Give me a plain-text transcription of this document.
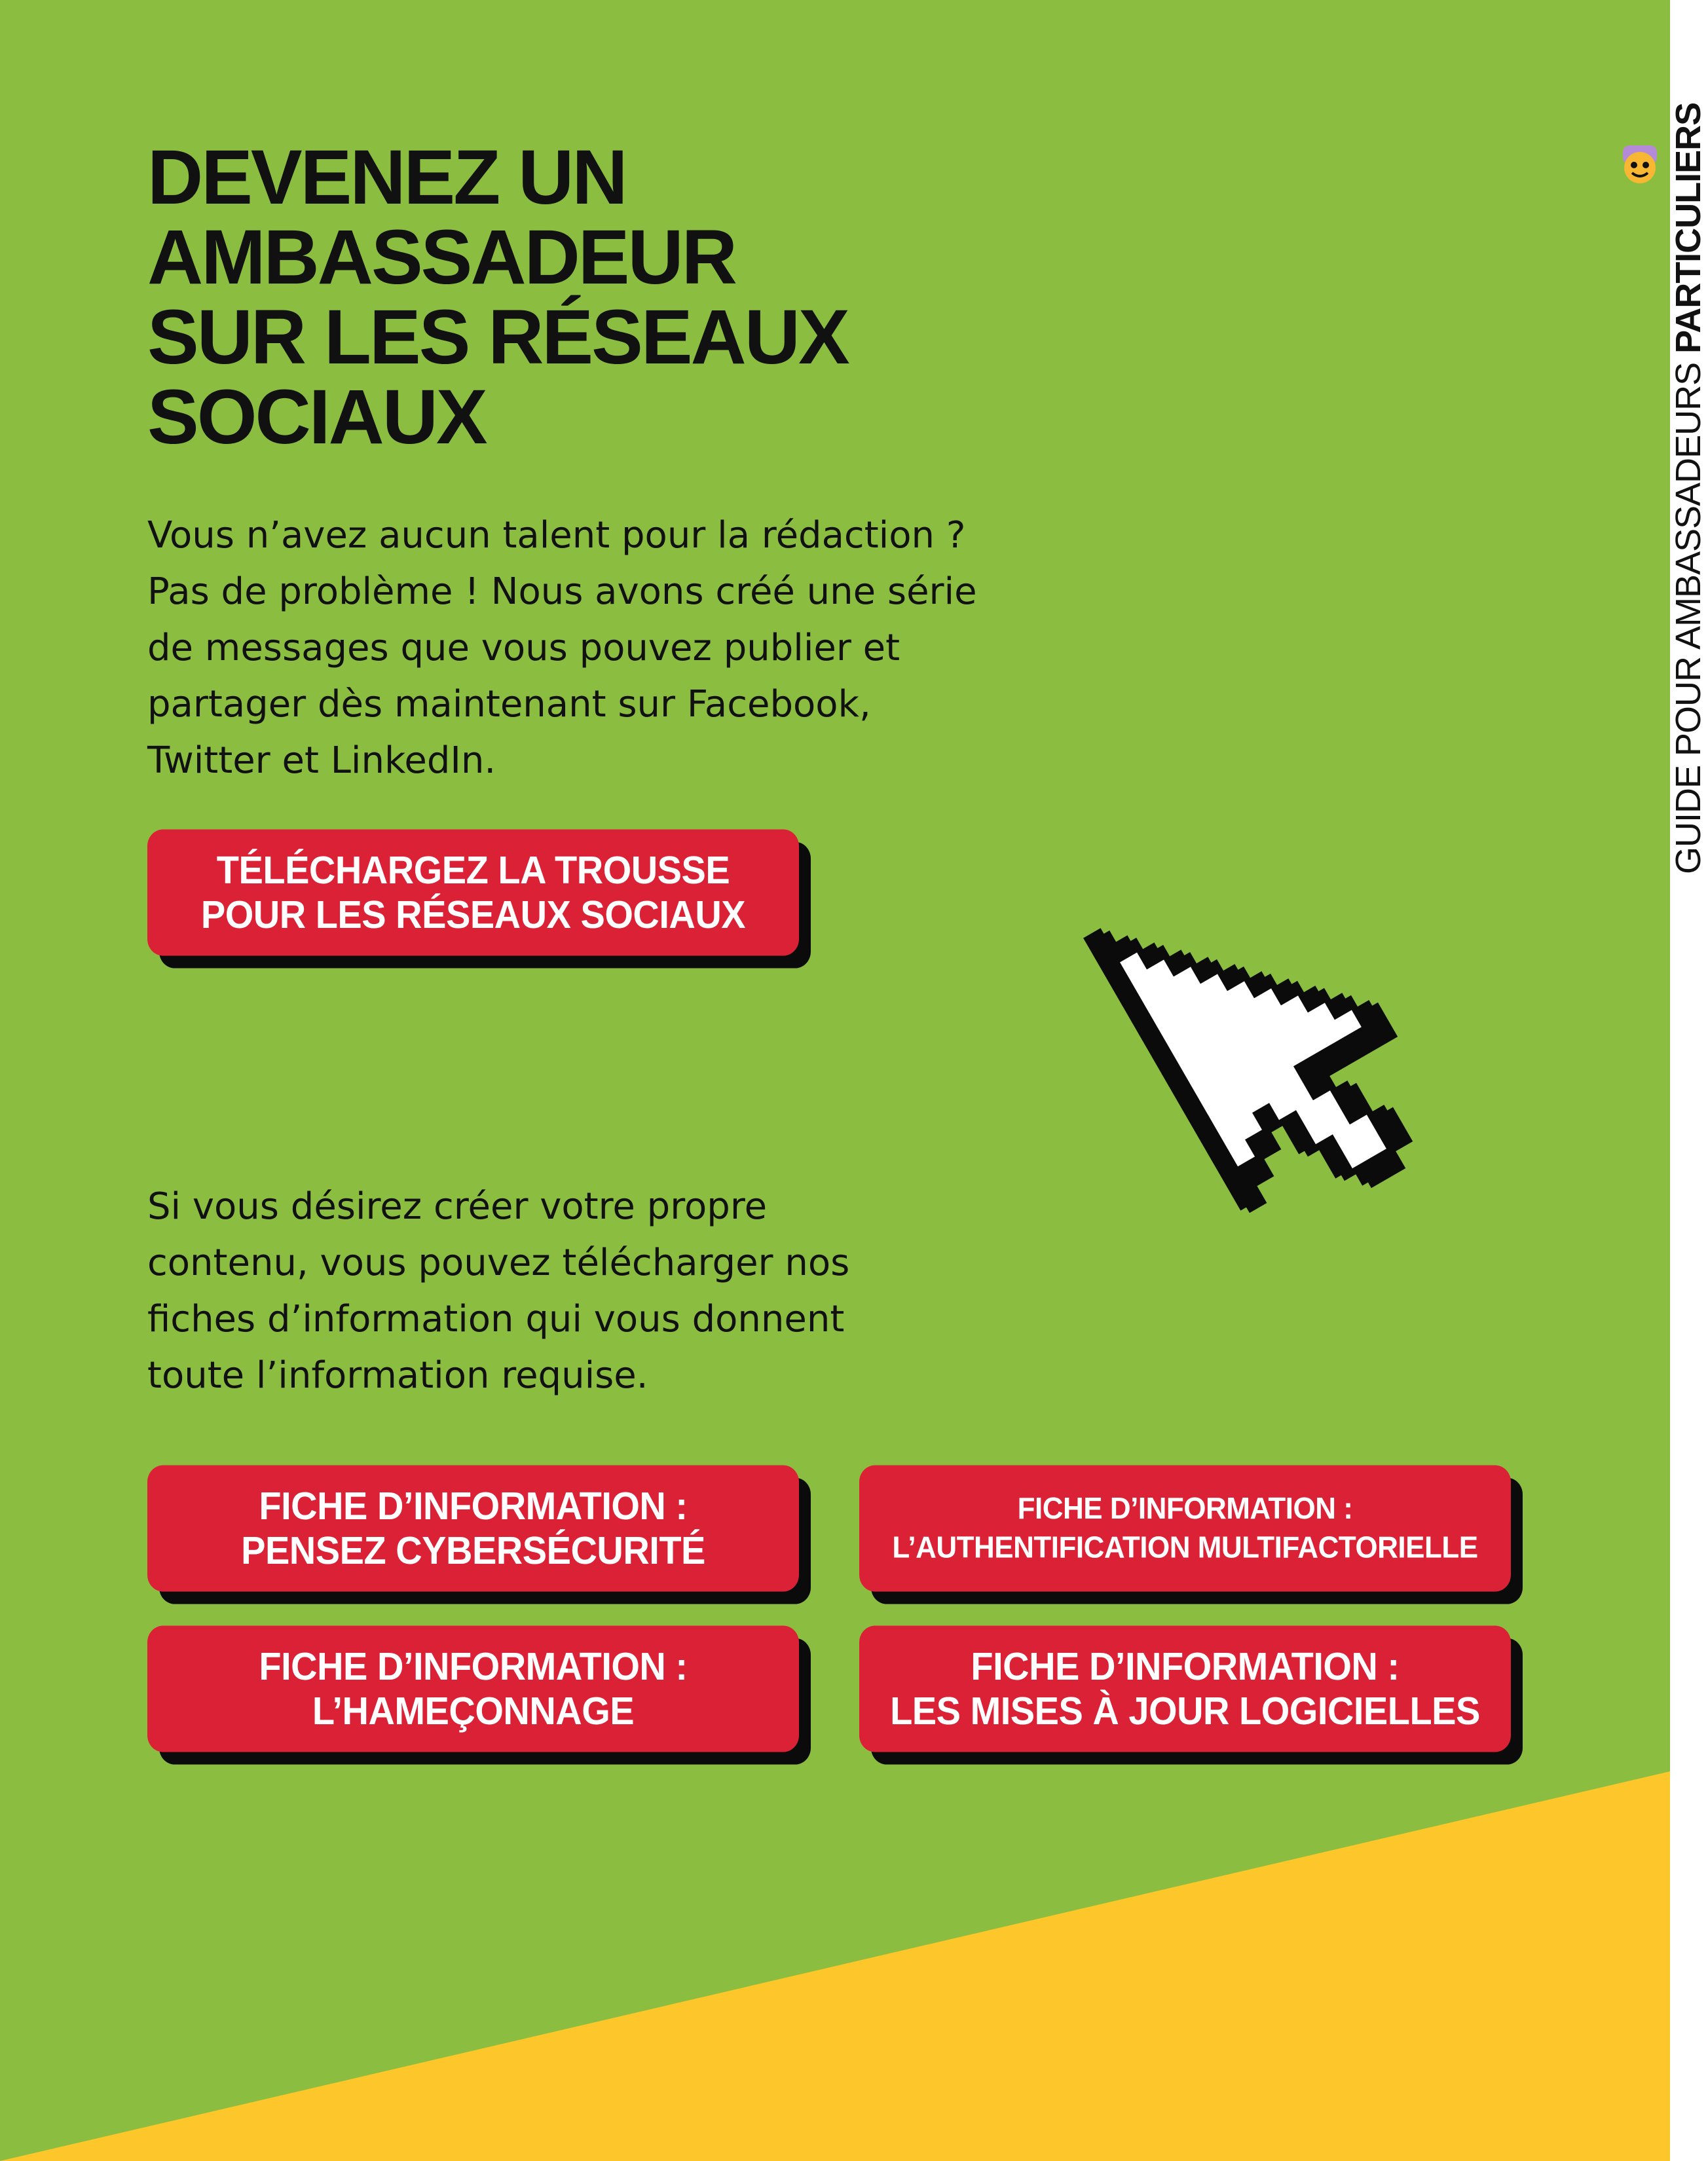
DEVENEZ UN
AMBASSADEUR
SUR LES RÉSEAUX
SOCIAUX

Vous n’avez aucun talent pour la rédaction ?
Pas de problème ! Nous avons créé une série
de messages que vous pouvez publier et
partager dès maintenant sur Facebook,
Twitter et LinkedIn.

TÉLÉCHARGEZ LA TROUSSE
POUR LES RÉSEAUX SOCIAUX

Si vous désirez créer votre propre
contenu, vous pouvez télécharger nos
fiches d’information qui vous donnent
toute l’information requise.

FICHE D’INFORMATION :
PENSEZ CYBERSÉCURITÉ
FICHE D’INFORMATION :
L’AUTHENTIFICATION MULTIFACTORIELLE
FICHE D’INFORMATION :
L’HAMEÇONNAGE
FICHE D’INFORMATION :
LES MISES À JOUR LOGICIELLES
GUIDE POUR AMBASSADEURS PARTICULIERS
